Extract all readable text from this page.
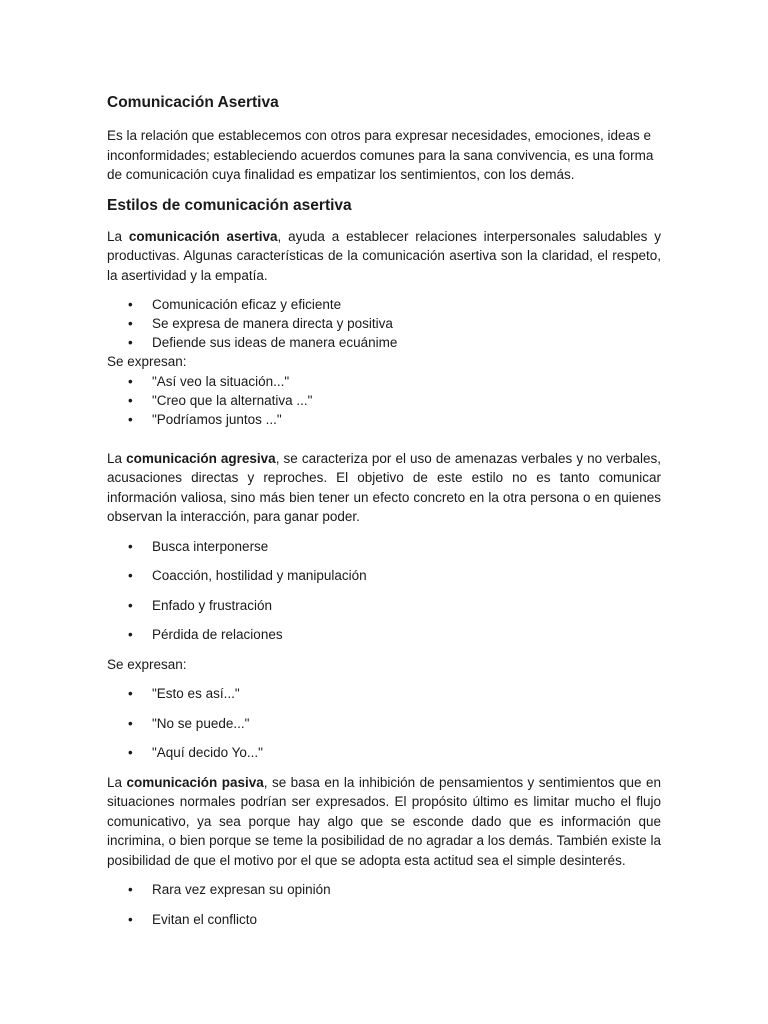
Comunicación Asertiva

Es la relación que establecemos con otros para expresar necesidades, emociones, ideas e inconformidades; estableciendo acuerdos comunes para la sana convivencia, es una forma de comunicación cuya finalidad es empatizar los sentimientos, con los demás.

Estilos de comunicación asertiva

La comunicación asertiva, ayuda a establecer relaciones interpersonales saludables y productivas. Algunas características de la comunicación asertiva son la claridad, el respeto, la asertividad y la empatía.

• Comunicación eficaz y eficiente
• Se expresa de manera directa y positiva
• Defiende sus ideas de manera ecuánime

Se expresan:

• "Así veo la situación..."
• "Creo que la alternativa ..."
• "Podríamos juntos ..."

La comunicación agresiva, se caracteriza por el uso de amenazas verbales y no verbales, acusaciones directas y reproches. El objetivo de este estilo no es tanto comunicar información valiosa, sino más bien tener un efecto concreto en la otra persona o en quienes observan la interacción, para ganar poder.

• Busca interponerse
• Coacción, hostilidad y manipulación
• Enfado y frustración
• Pérdida de relaciones

Se expresan:

• "Esto es así..."
• "No se puede..."
• "Aquí decido Yo..."

La comunicación pasiva, se basa en la inhibición de pensamientos y sentimientos que en situaciones normales podrían ser expresados. El propósito último es limitar mucho el flujo comunicativo, ya sea porque hay algo que se esconde dado que es información que incrimina, o bien porque se teme la posibilidad de no agradar a los demás. También existe la posibilidad de que el motivo por el que se adopta esta actitud sea el simple desinterés.

• Rara vez expresan su opinión
• Evitan el conflicto
